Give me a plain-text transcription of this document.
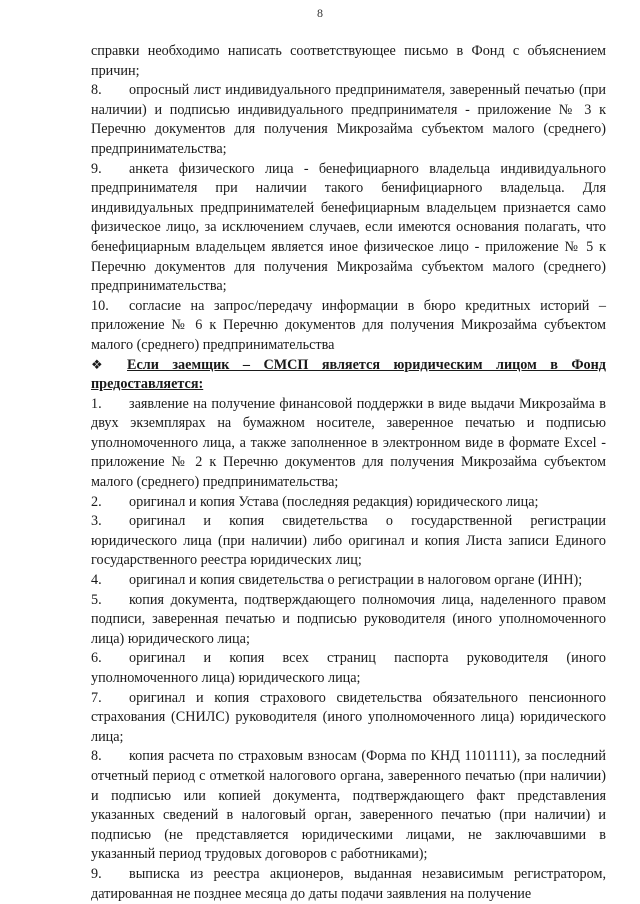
8

справки необходимо написать соответствующее письмо в Фонд с объяснением причин;

8. опросный лист индивидуального предпринимателя, заверенный печатью (при наличии) и подписью индивидуального предпринимателя - приложение № 3 к Перечню документов для получения Микрозайма субъектом малого (среднего) предпринимательства;

9. анкета физического лица - бенефициарного владельца индивидуального предпринимателя при наличии такого бенифициарного владельца. Для индивидуальных предпринимателей бенефициарным владельцем признается само физическое лицо, за исключением случаев, если имеются основания полагать, что бенефициарным владельцем является иное физическое лицо - приложение № 5 к Перечню документов для получения Микрозайма субъектом малого (среднего) предпринимательства;

10. согласие на запрос/передачу информации в бюро кредитных историй – приложение № 6 к Перечню документов для получения Микрозайма субъектом малого (среднего) предпринимательства

❖ Если заемщик – СМСП является юридическим лицом в Фонд предоставляется:

1. заявление на получение финансовой поддержки в виде выдачи Микрозайма в двух экземплярах на бумажном носителе, заверенное печатью и подписью уполномоченного лица, а также заполненное в электронном виде в формате Excel - приложение № 2 к Перечню документов для получения Микрозайма субъектом малого (среднего) предпринимательства;

2. оригинал и копия Устава (последняя редакция) юридического лица;

3. оригинал и копия свидетельства о государственной регистрации юридического лица (при наличии) либо оригинал и копия Листа записи Единого государственного реестра юридических лиц;

4. оригинал и копия свидетельства о регистрации в налоговом органе (ИНН);

5. копия документа, подтверждающего полномочия лица, наделенного правом подписи, заверенная печатью и подписью руководителя (иного уполномоченного лица) юридического лица;

6. оригинал и копия всех страниц паспорта руководителя (иного уполномоченного лица) юридического лица;

7. оригинал и копия страхового свидетельства обязательного пенсионного страхования (СНИЛС) руководителя (иного уполномоченного лица) юридического лица;

8. копия расчета по страховым взносам (Форма по КНД 1101111), за последний отчетный период с отметкой налогового органа, заверенного печатью (при наличии) и подписью или копией документа, подтверждающего факт представления указанных сведений в налоговый орган, заверенного печатью (при наличии) и подписью (не представляется юридическими лицами, не заключавшими в указанный период трудовых договоров с работниками);

9. выписка из реестра акционеров, выданная независимым регистратором, датированная не позднее месяца до даты подачи заявления на получение
